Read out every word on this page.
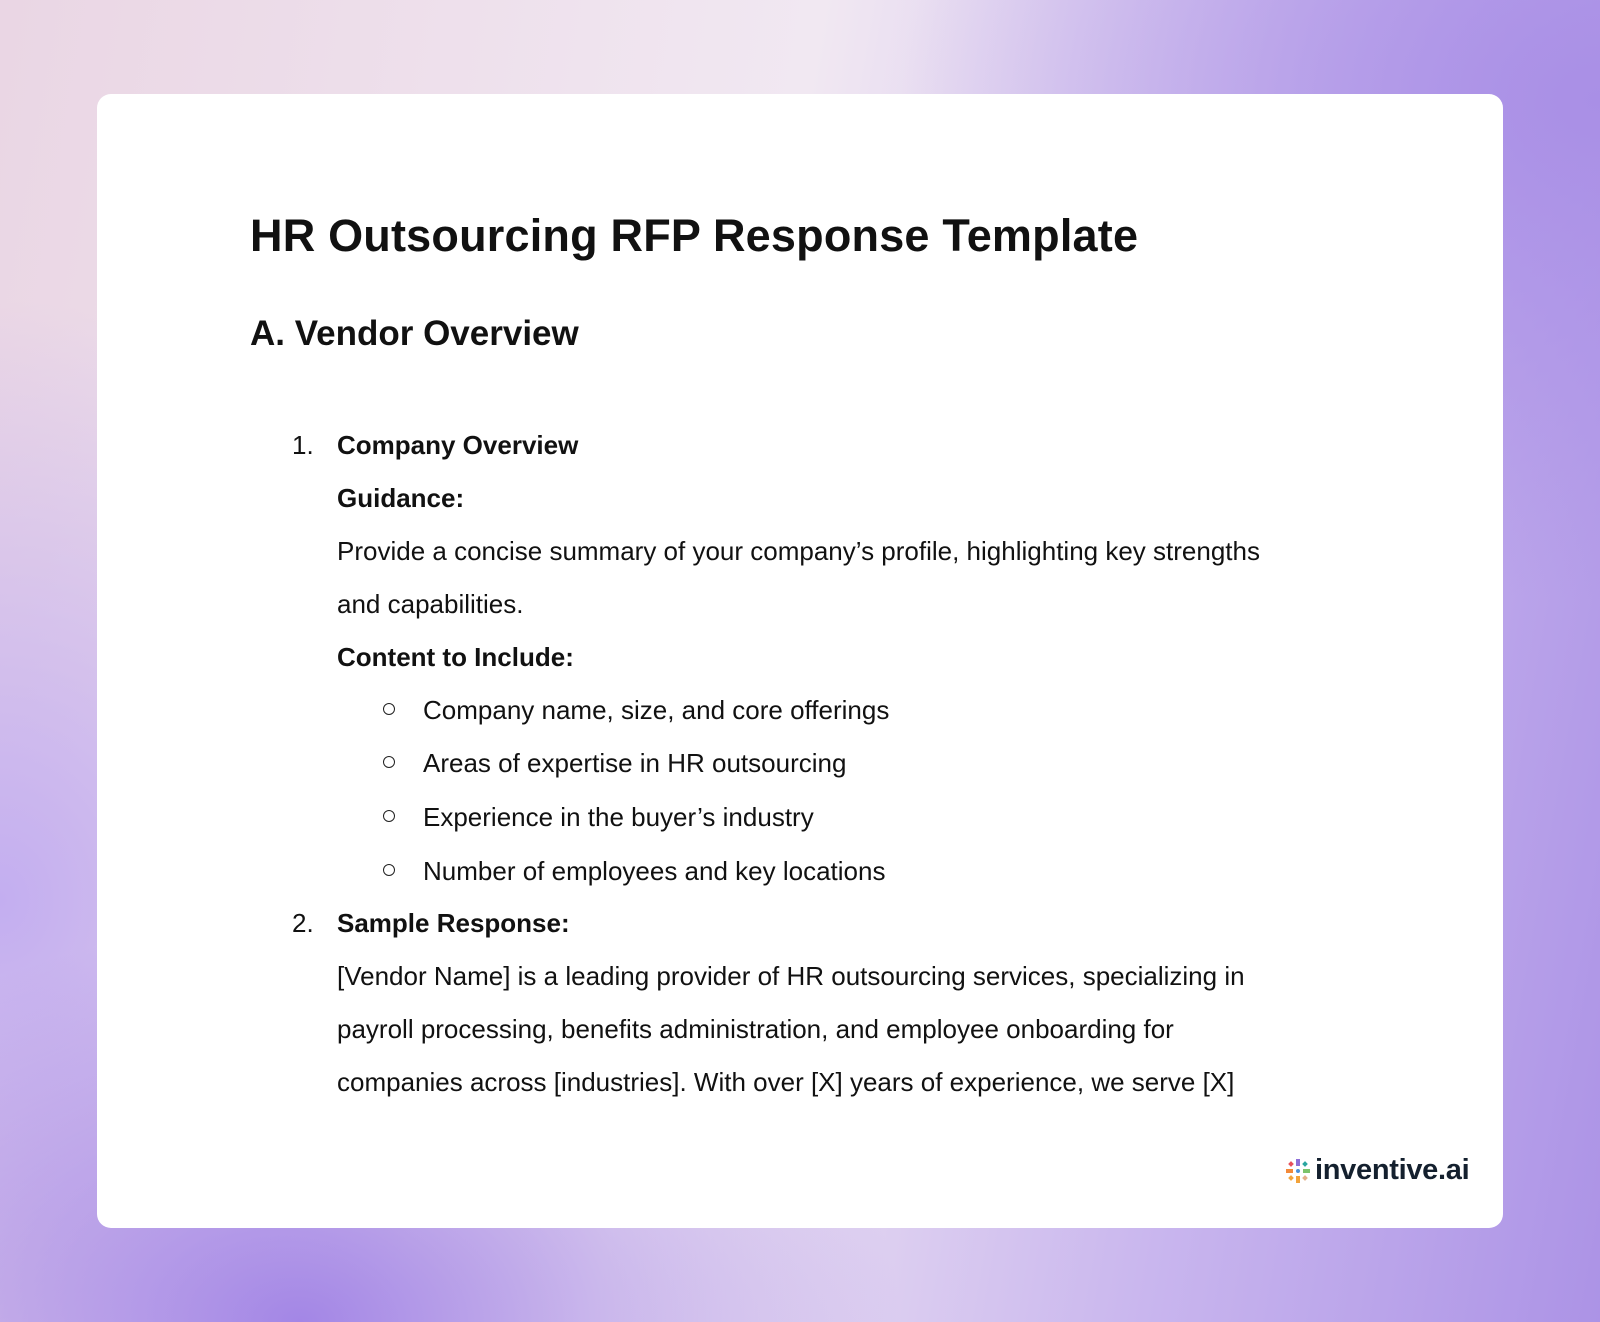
HR Outsourcing RFP Response Template
A. Vendor Overview
1. Company Overview
Guidance:
Provide a concise summary of your company’s profile, highlighting key strengths
and capabilities.
Content to Include:
Company name, size, and core offerings
Areas of expertise in HR outsourcing
Experience in the buyer’s industry
Number of employees and key locations
2. Sample Response:
[Vendor Name] is a leading provider of HR outsourcing services, specializing in
payroll processing, benefits administration, and employee onboarding for
companies across [industries]. With over [X] years of experience, we serve [X]
inventive.ai
